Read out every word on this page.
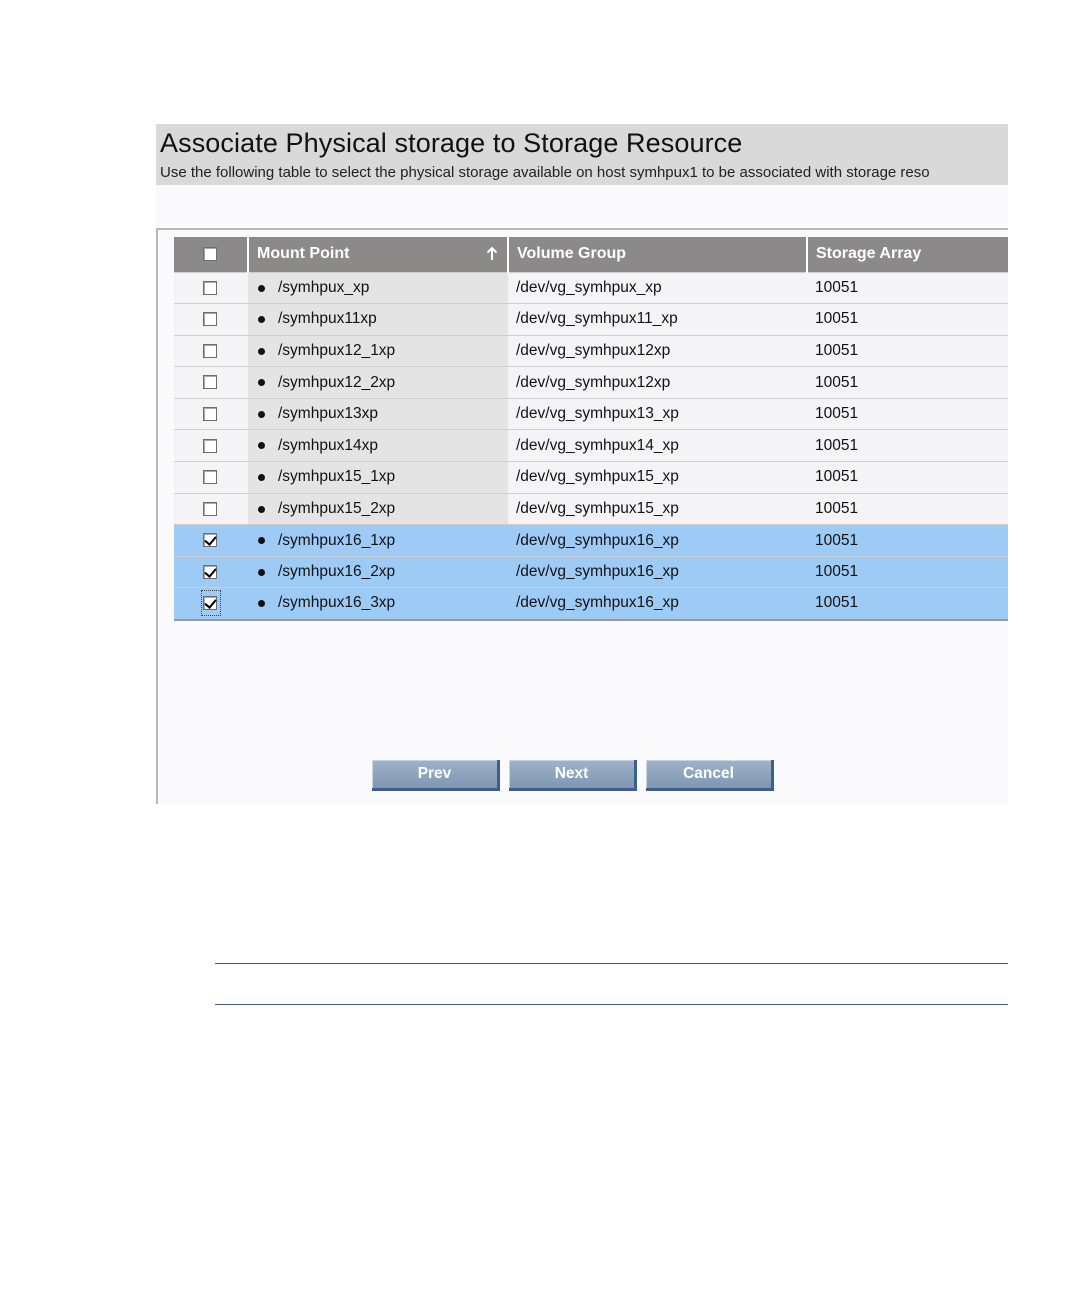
Associate Physical storage to Storage Resource
Use the following table to select the physical storage available on host symhpux1 to be associated with storage reso
	Mount Point	Volume Group	Storage Array

/symhpux_xp	/dev/vg_symhpux_xp	10051

/symhpux11xp	/dev/vg_symhpux11_xp	10051

/symhpux12_1xp	/dev/vg_symhpux12xp	10051

/symhpux12_2xp	/dev/vg_symhpux12xp	10051

/symhpux13xp	/dev/vg_symhpux13_xp	10051

/symhpux14xp	/dev/vg_symhpux14_xp	10051

/symhpux15_1xp	/dev/vg_symhpux15_xp	10051

/symhpux15_2xp	/dev/vg_symhpux15_xp	10051

/symhpux16_1xp	/dev/vg_symhpux16_xp	10051

/symhpux16_2xp	/dev/vg_symhpux16_xp	10051

/symhpux16_3xp	/dev/vg_symhpux16_xp	10051
Prev	Next	Cancel
